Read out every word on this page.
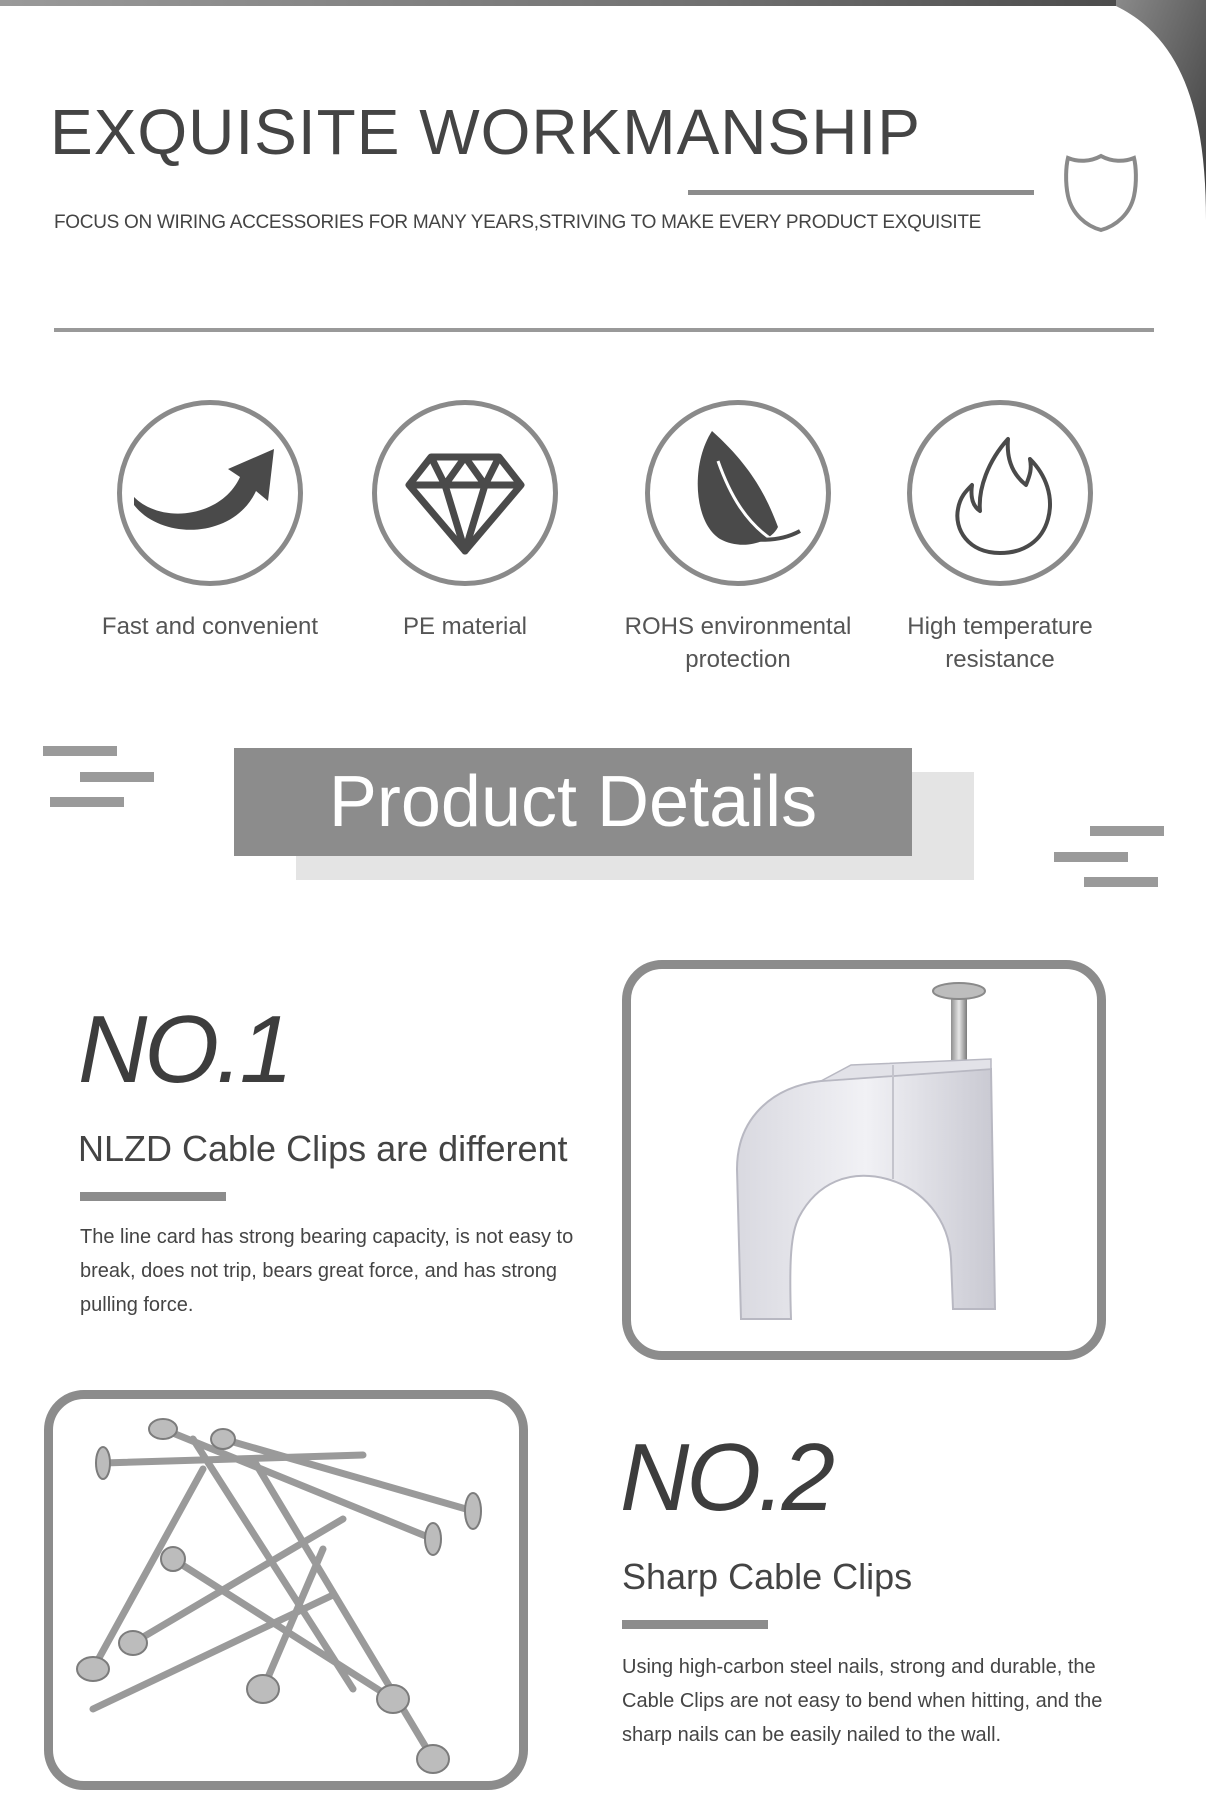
EXQUISITE WORKMANSHIP
FOCUS ON WIRING ACCESSORIES FOR MANY YEARS,STRIVING TO MAKE EVERY PRODUCT EXQUISITE
Fast and convenient	PE material	ROHS environmental
protection
High temperature
resistance
Product Details
NO.1
NLZD Cable Clips are different
The line card has strong bearing capacity, is not easy to break, does not trip, bears great force, and has strong pulling force.
NO.2
Sharp Cable Clips
Using high-carbon steel nails, strong and durable, the Cable Clips are not easy to bend when hitting, and the sharp nails can be easily nailed to the wall.
